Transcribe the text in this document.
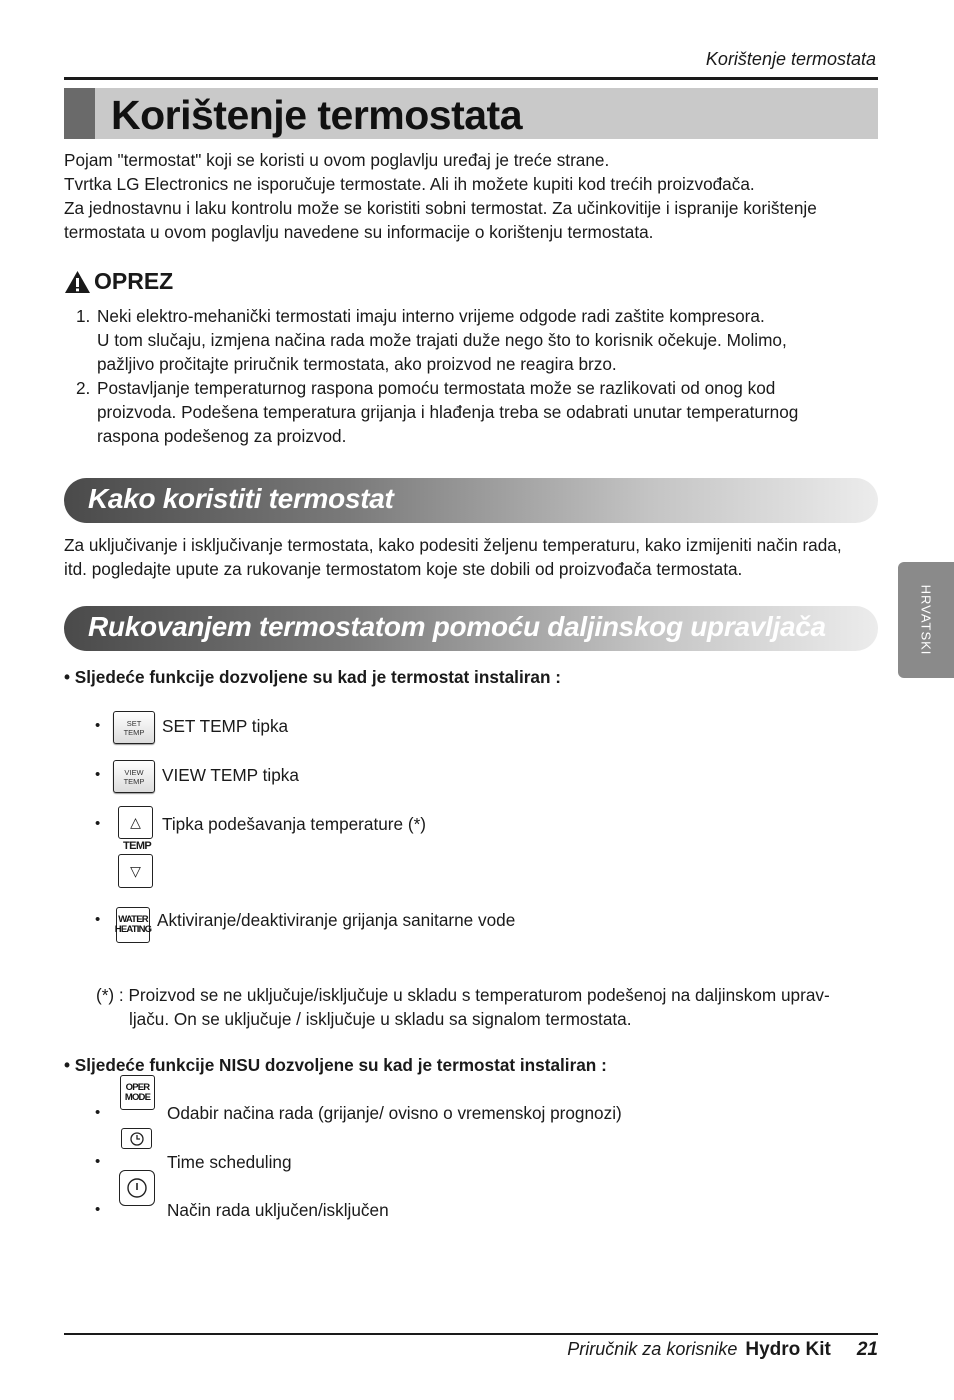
Korištenje termostata
Korištenje termostata

Pojam "termostat" koji se koristi u ovom poglavlju uređaj je treće strane.

Tvrtka LG Electronics ne isporučuje termostate. Ali ih možete kupiti kod trećih proizvođača.

Za jednostavnu i laku kontrolu može se koristiti sobni termostat. Za učinkovitije i ispranije korištenje termostata u ovom poglavlju navedene su informacije o korištenju termostata.

OPREZ
1. Neki elektro-mehanički termostati imaju interno vrijeme odgode radi zaštite kompresora.
U tom slučaju, izmjena načina rada može trajati duže nego što to korisnik očekuje. Molimo,
pažljivo pročitajte priručnik termostata, ako proizvod ne reagira brzo.
2. Postavljanje temperaturnog raspona pomoću termostata može se razlikovati od onog kod
proizvoda. Podešena temperatura grijanja i hlađenja treba se odabrati unutar temperaturnog
raspona podešenog za proizvod.
Kako koristiti termostat
Za uključivanje i isključivanje termostata, kako podesiti željenu temperaturu, kako izmijeniti način rada, itd. pogledajte upute za rukovanje termostatom koje ste dobili od proizvođača termostata.
Rukovanjem termostatom pomoću daljinskog upravljača
• Sljedeće funkcije dozvoljene su kad je termostat instaliran :
•	SET
TEMP SET TEMP tipka
•	VIEW
TEMP VIEW TEMP tipka
• △
TEMP
▽
Tipka podešavanja temperature (*)
• WATER
HEATING Aktiviranje/deaktiviranje grijanja sanitarne vode
(*) : Proizvod se ne uključuje/isključuje u skladu s temperaturom podešenoj na daljinskom uprav-
ljaču. On se uključuje / isključuje u skladu sa signalom termostata.
• Sljedeće funkcije NISU dozvoljene su kad je termostat instaliran :
OPER
MODE
•	Odabir načina rada (grijanje/ ovisno o vremenskoj prognozi)
•	Time scheduling
•	Način rada uključen/isključen
HRVATSKI
Priručnik za korisnike Hydro Kit 21
